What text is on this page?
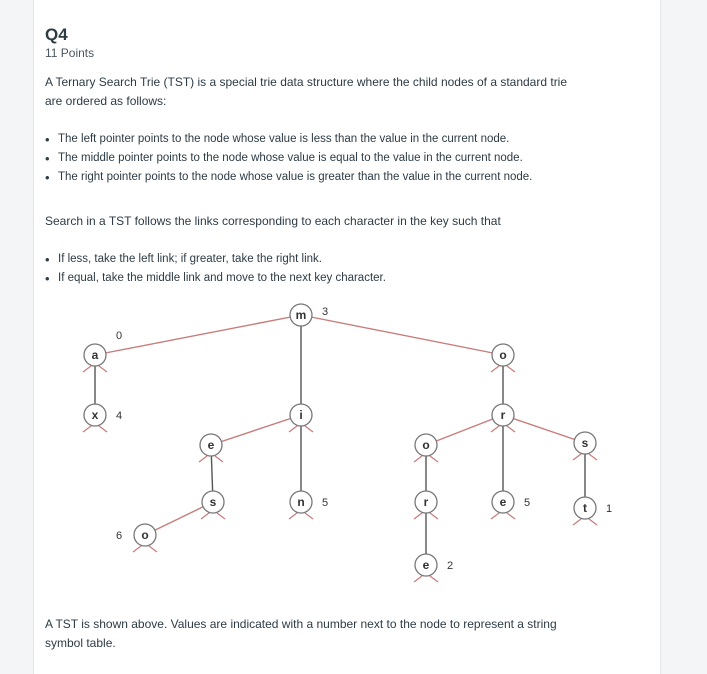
Q4
11 Points
A Ternary Search Trie (TST) is a special trie data structure where the child nodes of a standard trie are ordered as follows:
• The left pointer points to the node whose value is less than the value in the current node.
• The middle pointer points to the node whose value is equal to the value in the current node.
• The right pointer points to the node whose value is greater than the value in the current node.
Search in a TST follows the links corresponding to each character in the key such that
• If less, take the left link; if greater, take the right link.
• If equal, take the middle link and move to the next key character.
m 3
a
0
x 4
e
s
o
6
i
n 5
o
o
r
e 2
r
e 5
s
t 1
A TST is shown above. Values are indicated with a number next to the node to represent a string symbol table.
